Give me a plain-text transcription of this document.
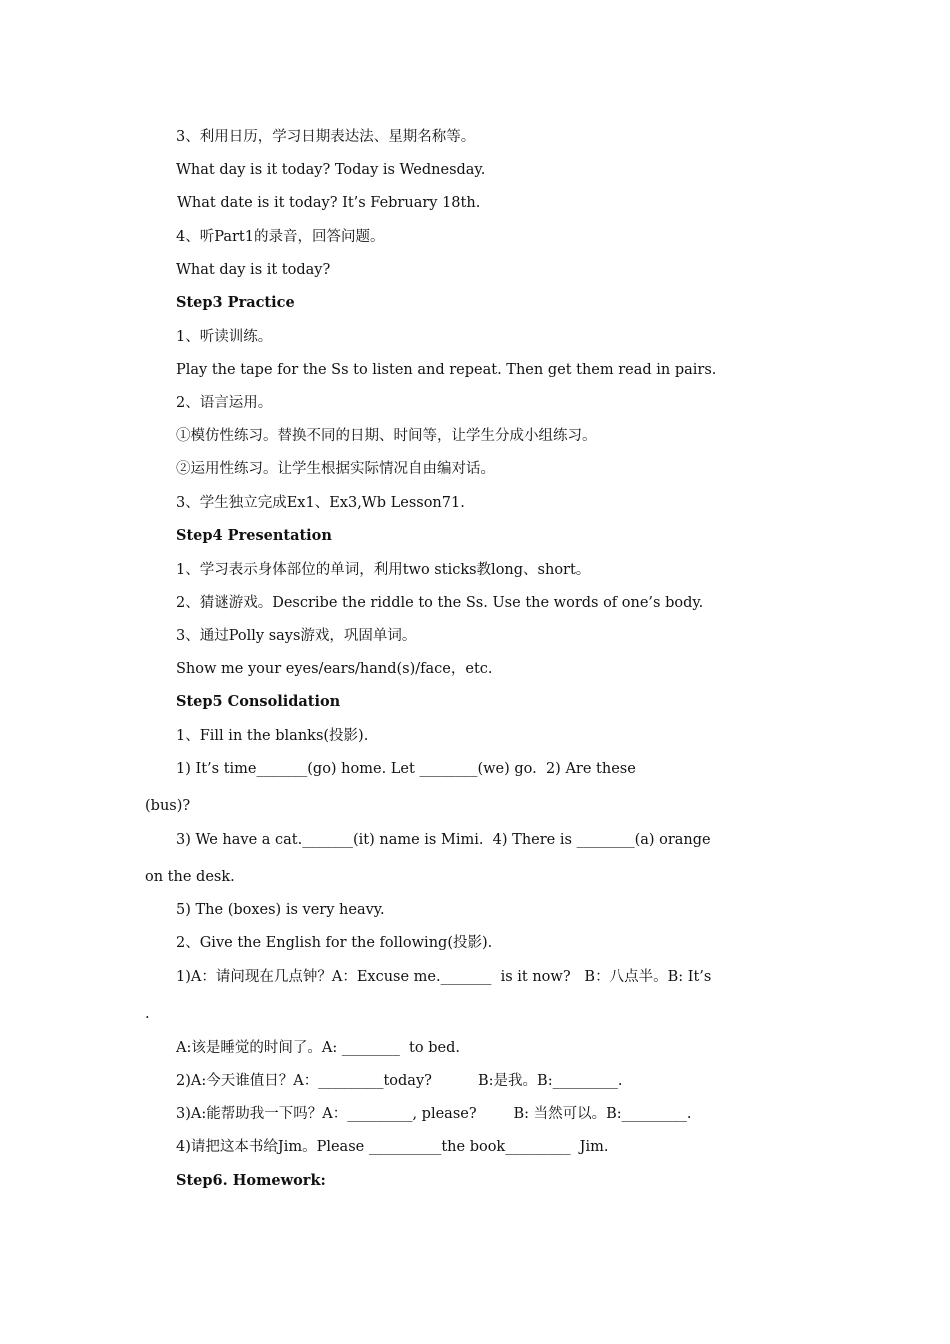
3、利用日历，学习日期表达法、星期名称等。
What day is it today? Today is Wednesday.
What date is it today? It’s February 18th.
4、听Part1的录音，回答问题。
What day is it today?
Step3 Practice
1、听读训练。
Play the tape for the Ss to listen and repeat. Then get them read in pairs.
2、语言运用。
①模仿性练习。替换不同的日期、时间等，让学生分成小组练习。
②运用性练习。让学生根据实际情况自由编对话。
3、学生独立完成Ex1、Ex3,Wb Lesson71.
Step4 Presentation
1、学习表示身体部位的单词，利用two sticks教long、short。
2、猜谜游戏。Describe the riddle to the Ss. Use the words of one’s body.
3、通过Polly says游戏，巩固单词。
Show me your eyes/ears/hand(s)/face，etc.
Step5 Consolidation
1、Fill in the blanks(投影).
1) It’s time_______(go) home. Let ________(we) go.  2) Are these
(bus)?
3) We have a cat._______(it) name is Mimi.  4) There is ________(a) orange
on the desk.
5) The (boxes) is very heavy.
2、Give the English for the following(投影).
1)A：请问现在几点钟？A：Excuse me._______  is it now?   B：八点半。B: It’s
.
A:该是睡觉的时间了。A: ________  to bed.
2)A:今天谁值日？A：_________today?          B:是我。B:_________.
3)A:能帮助我一下吗？A：_________, please?        B: 当然可以。B:_________.
4)请把这本书给Jim。Please __________the book_________  Jim.
Step6. Homework:
